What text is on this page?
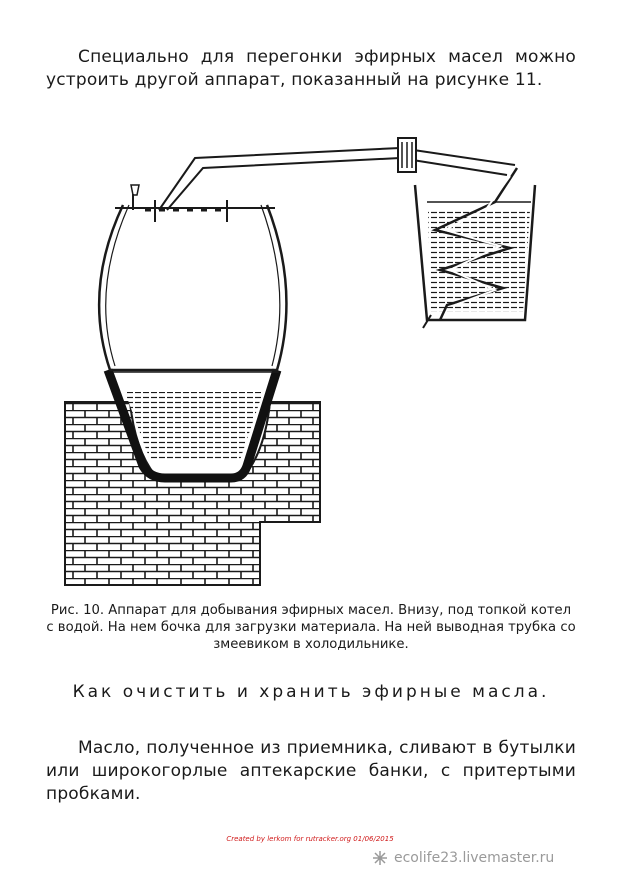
Специально для перегонки эфирных масел можно устроить другой аппарат, показанный на рисунке 11.
Рис. 10. Аппарат для добывания эфирных масел. Внизу, под топкой котел с водой. На нем бочка для загрузки материала. На ней выводная трубка со змеевиком в холодильнике.
Как очистить и хранить эфирные масла.
Масло, полученное из приемника, сливают в бутылки или широкогорлые аптекарские банки, с притертыми пробками.
Created by lerkom for rutracker.org 01/06/2015
ecolife23.livemaster.ru
